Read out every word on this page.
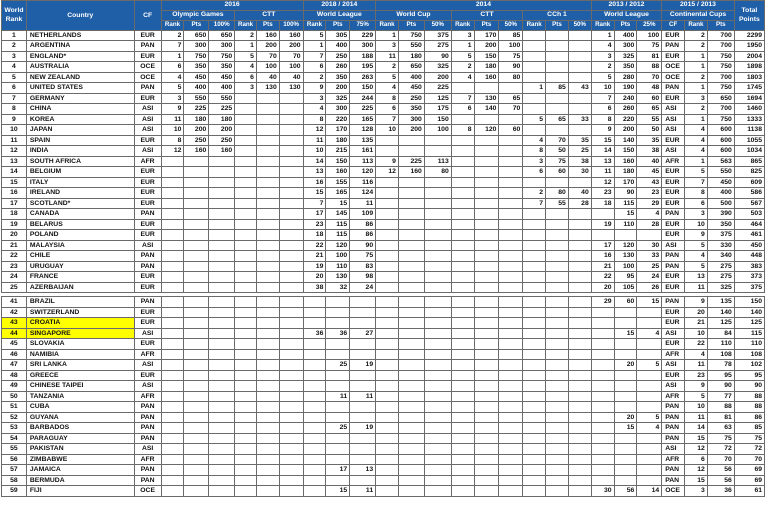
World
Rank	Country	CF	2016						2018 / 2014			2014									2013 / 2012			2015 / 2013			Total
Points
			Olympic Games			CTT			World League			World Cup			CTT			CCh 1			World League			Continental Cups			
			Rank	Pts	100%	Rank	Pts	100%	Rank	Pts	75%	Rank	Pts	50%	Rank	Pts	50%	Rank	Pts	50%	Rank	Pts	25%	CF	Rank	Pts	
1	NETHERLANDS	EUR	2	650	650	2	160	160	5	305	229	1	750	375	3	170	85				1	400	100	EUR	2	700	2299
2	ARGENTINA	PAN	7	300	300	1	200	200	1	400	300	3	550	275	1	200	100				4	300	75	PAN	2	700	1950
3	ENGLAND*	EUR	1	750	750	5	70	70	7	250	188	11	180	90	5	150	75				3	325	81	EUR	1	750	2004
4	AUSTRALIA	OCE	6	350	350	4	100	100	6	260	195	2	650	325	2	180	90				2	350	88	OCE	1	750	1898
5	NEW ZEALAND	OCE	4	450	450	6	40	40	2	350	263	5	400	200	4	160	80				5	280	70	OCE	2	700	1803
6	UNITED STATES	PAN	5	400	400	3	130	130	9	200	150	4	450	225				1	85	43	10	190	48	PAN	1	750	1745
7	GERMANY	EUR	3	550	550				3	325	244	8	250	125	7	130	65				7	240	60	EUR	3	650	1694
8	CHINA	ASI	9	225	225				4	300	225	6	350	175	6	140	70				6	260	65	ASI	2	700	1460
9	KOREA	ASI	11	180	180				8	220	165	7	300	150				5	65	33	8	220	55	ASI	1	750	1333
10	JAPAN	ASI	10	200	200				12	170	128	10	200	100	8	120	60				9	200	50	ASI	4	600	1138
11	SPAIN	EUR	8	250	250				11	180	135							4	70	35	15	140	35	EUR	4	600	1055
12	INDIA	ASI	12	160	160				10	215	161							8	50	25	14	150	38	ASI	4	600	1034
13	SOUTH AFRICA	AFR							14	150	113	9	225	113				3	75	38	13	160	40	AFR	1	563	865
14	BELGIUM	EUR							13	160	120	12	160	80				6	60	30	11	180	45	EUR	5	550	825
15	ITALY	EUR							16	155	116										12	170	43	EUR	7	450	609
16	IRELAND	EUR							15	165	124							2	80	40	23	90	23	EUR	8	400	586
17	SCOTLAND*	EUR							7	15	11							7	55	28	18	115	29	EUR	6	500	567
18	CANADA	PAN							17	145	109											15	4	PAN	3	390	503
19	BELARUS	EUR							23	115	86										19	110	28	EUR	10	350	464
20	POLAND	EUR							18	115	86													EUR	9	375	461
21	MALAYSIA	ASI							22	120	90										17	120	30	ASI	5	330	450
22	CHILE	PAN							21	100	75										16	130	33	PAN	4	340	448
23	URUGUAY	PAN							19	110	83										21	100	25	PAN	5	275	383
24	FRANCE	EUR							20	130	98										22	95	24	EUR	13	275	373
25	AZERBAIJAN	EUR							38	32	24										20	105	26	EUR	11	325	375

41	BRAZIL	PAN																			29	60	15	PAN	9	135	150
42	SWITZERLAND	EUR																						EUR	20	140	140
43	CROATIA	EUR																						EUR	21	125	125
44	SINGAPORE	ASI							36	36	27											15	4	ASI	10	84	115
45	SLOVAKIA	EUR																						EUR	22	110	110
46	NAMIBIA	AFR																						AFR	4	108	108
47	SRI LANKA	ASI								25	19											20	5	ASI	11	78	102
48	GREECE	EUR																						EUR	23	95	95
49	CHINESE TAIPEI	ASI																						ASI	9	90	90
50	TANZANIA	AFR								11	11													AFR	5	77	88
51	CUBA	PAN																						PAN	10	88	88
52	GUYANA	PAN																				20	5	PAN	11	81	86
53	BARBADOS	PAN								25	19											15	4	PAN	14	63	85
54	PARAGUAY	PAN																						PAN	15	75	75
55	PAKISTAN	ASI																						ASI	12	72	72
56	ZIMBABWE	AFR																						AFR	6	70	70
57	JAMAICA	PAN								17	13													PAN	12	56	69
58	BERMUDA	PAN																						PAN	15	56	69
59	FIJI	OCE								15	11										30	56	14	OCE	3	36	61
